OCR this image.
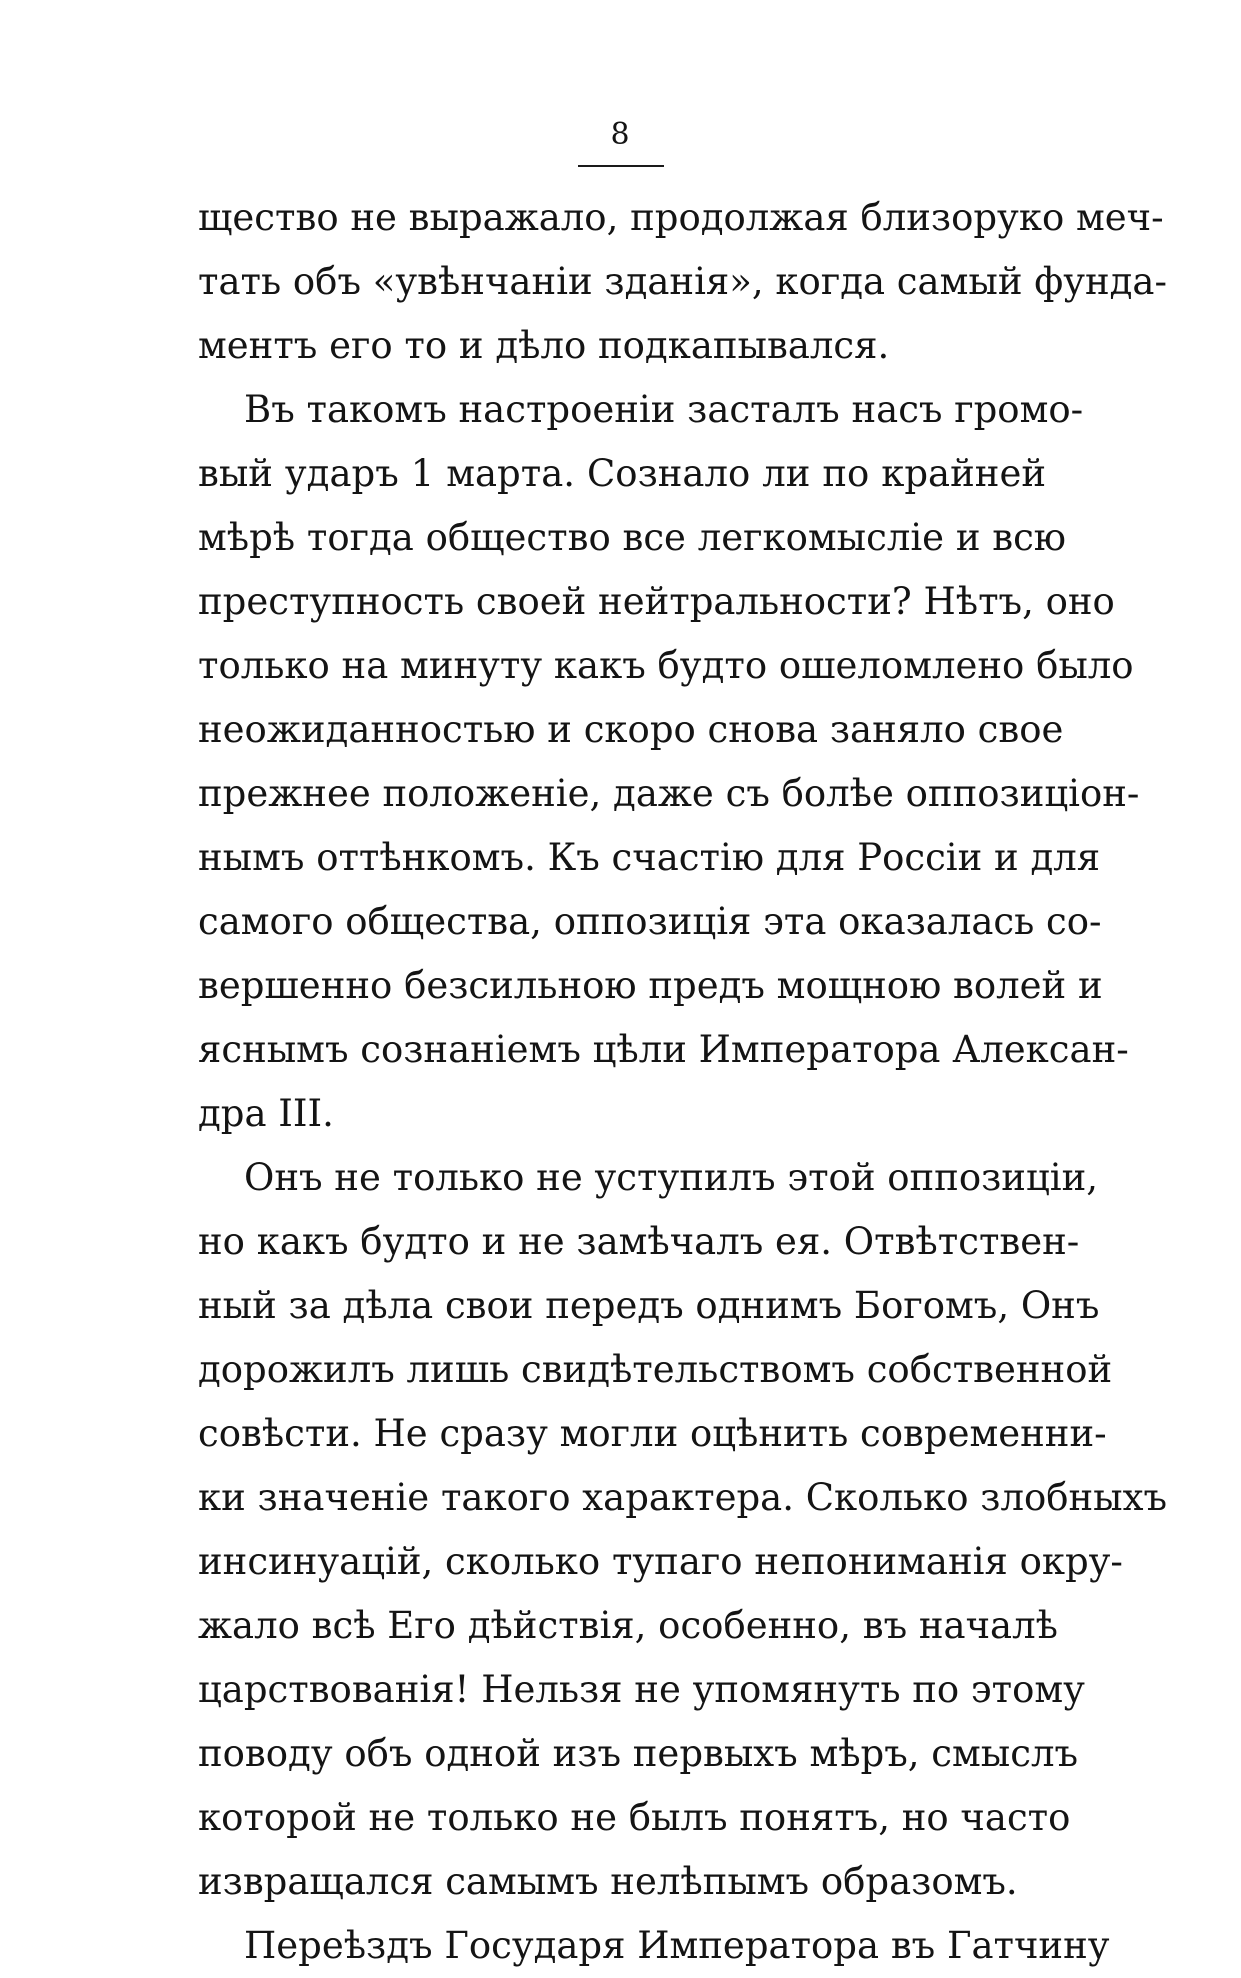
8
щество не выражало, продолжая близоруко меч-
тать объ «увѣнчаніи зданія», когда самый фунда-
ментъ его то и дѣло подкапывался.
Въ такомъ настроеніи засталъ насъ громо-
вый ударъ 1 марта. Сознало ли по крайней
мѣрѣ тогда общество все легкомысліе и всю
преступность своей нейтральности? Нѣтъ, оно
только на минуту какъ будто ошеломлено было
неожиданностью и скоро снова заняло свое
прежнее положеніе, даже съ болѣе оппозиціон-
нымъ оттѣнкомъ. Къ счастію для Россіи и для
самого общества, оппозиція эта оказалась со-
вершенно безсильною предъ мощною волей и
яснымъ сознаніемъ цѣли Императора Алексан-
дра III.
Онъ не только не уступилъ этой оппозиціи,
но какъ будто и не замѣчалъ ея. Отвѣтствен-
ный за дѣла свои передъ однимъ Богомъ, Онъ
дорожилъ лишь свидѣтельствомъ собственной
совѣсти. Не сразу могли оцѣнить современни-
ки значеніе такого характера. Сколько злобныхъ
инсинуацій, сколько тупаго непониманія окру-
жало всѣ Его дѣйствія, особенно, въ началѣ
царствованія! Нельзя не упомянуть по этому
поводу объ одной изъ первыхъ мѣръ, смыслъ
которой не только не былъ понятъ, но часто
извращался самымъ нелѣпымъ образомъ.
Переѣздъ Государя Императора въ Гатчину
